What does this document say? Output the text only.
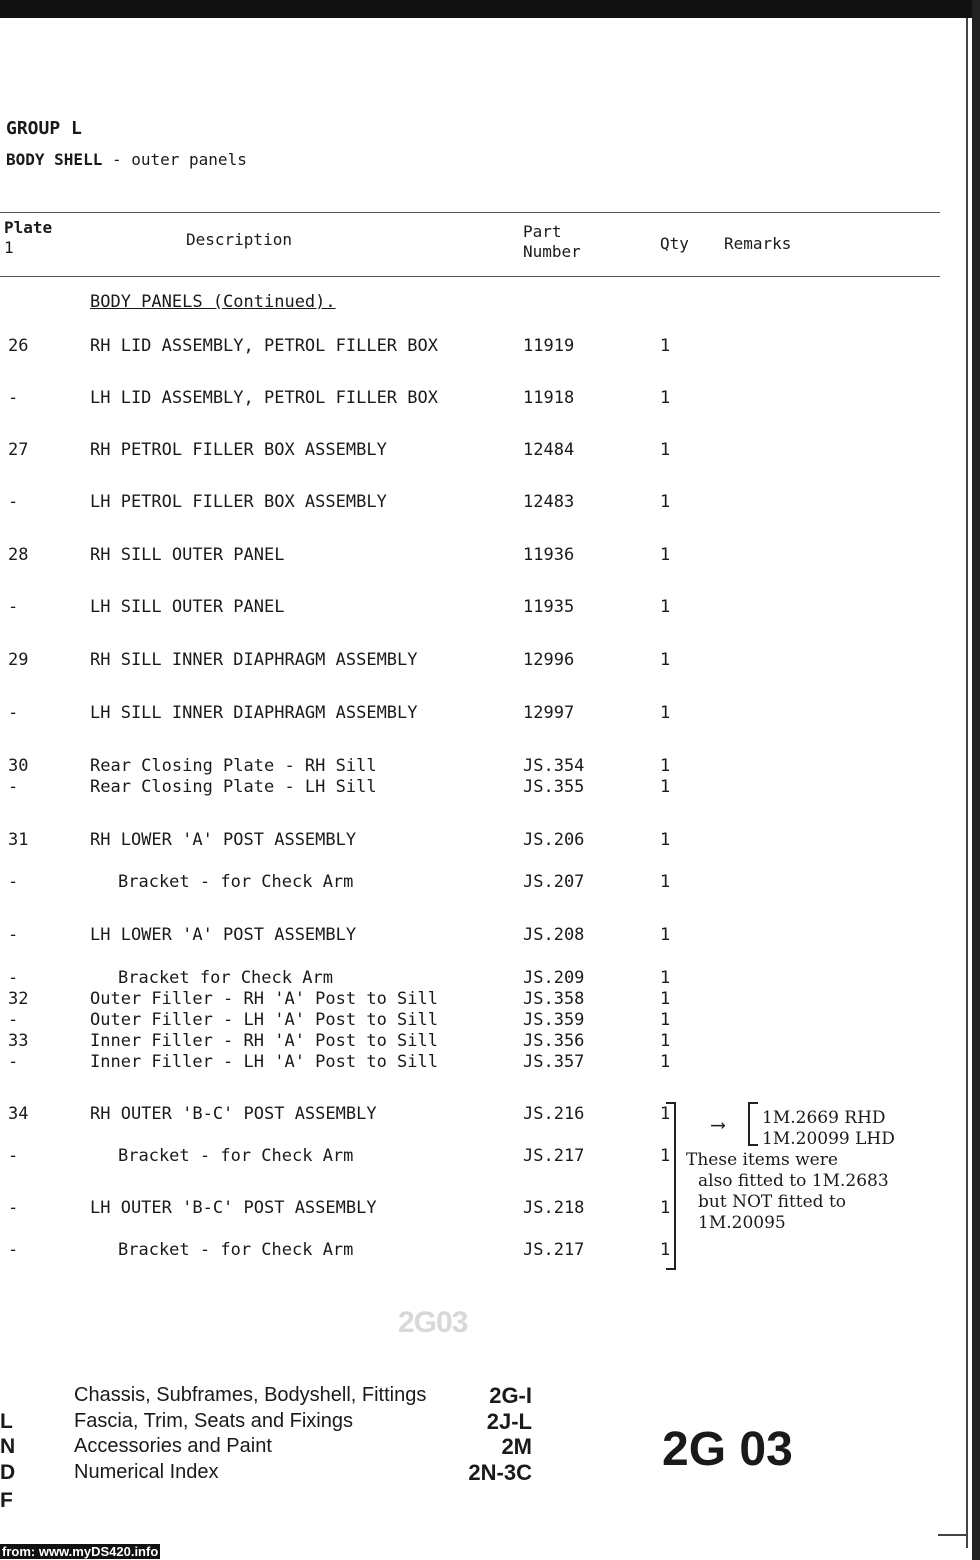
GROUP L
BODY SHELL - outer panels
Plate
1	Description	Part
Number	Qty Remarks
BODY PANELS (Continued).
26	RH LID ASSEMBLY, PETROL FILLER BOX	11919	1
-	LH LID ASSEMBLY, PETROL FILLER BOX	11918	1
27	RH PETROL FILLER BOX ASSEMBLY	12484	1
-	LH PETROL FILLER BOX ASSEMBLY	12483	1
28	RH SILL OUTER PANEL	11936	1
-	LH SILL OUTER PANEL	11935	1
29	RH SILL INNER DIAPHRAGM ASSEMBLY	12996	1
-	LH SILL INNER DIAPHRAGM ASSEMBLY	12997	1
30	Rear Closing Plate - RH Sill	JS.354	1
-	Rear Closing Plate - LH Sill	JS.355	1
31	RH LOWER 'A' POST ASSEMBLY	JS.206	1
-	Bracket - for Check Arm	JS.207	1
-	LH LOWER 'A' POST ASSEMBLY	JS.208	1
-	Bracket for Check Arm	JS.209	1
32	Outer Filler - RH 'A' Post to Sill	JS.358	1
-	Outer Filler - LH 'A' Post to Sill	JS.359	1
33	Inner Filler - RH 'A' Post to Sill	JS.356	1
-	Inner Filler - LH 'A' Post to Sill	JS.357	1
34	RH OUTER 'B-C' POST ASSEMBLY	JS.216	1
-	Bracket - for Check Arm	JS.217	1
-	LH OUTER 'B-C' POST ASSEMBLY	JS.218	1
-	Bracket - for Check Arm	JS.217	1
⟶ 1M.2669 RHD
1M.20099 LHD
These items were
also fitted to 1M.2683
but NOT fitted to
1M.20095
2G03
Chassis, Subframes, Bodyshell, Fittings	2G-I
L	Fascia, Trim, Seats and Fixings	2J-L
N	Accessories and Paint	2M
D	Numerical Index	2N-3C
F
2G 03
from: www.myDS420.info
